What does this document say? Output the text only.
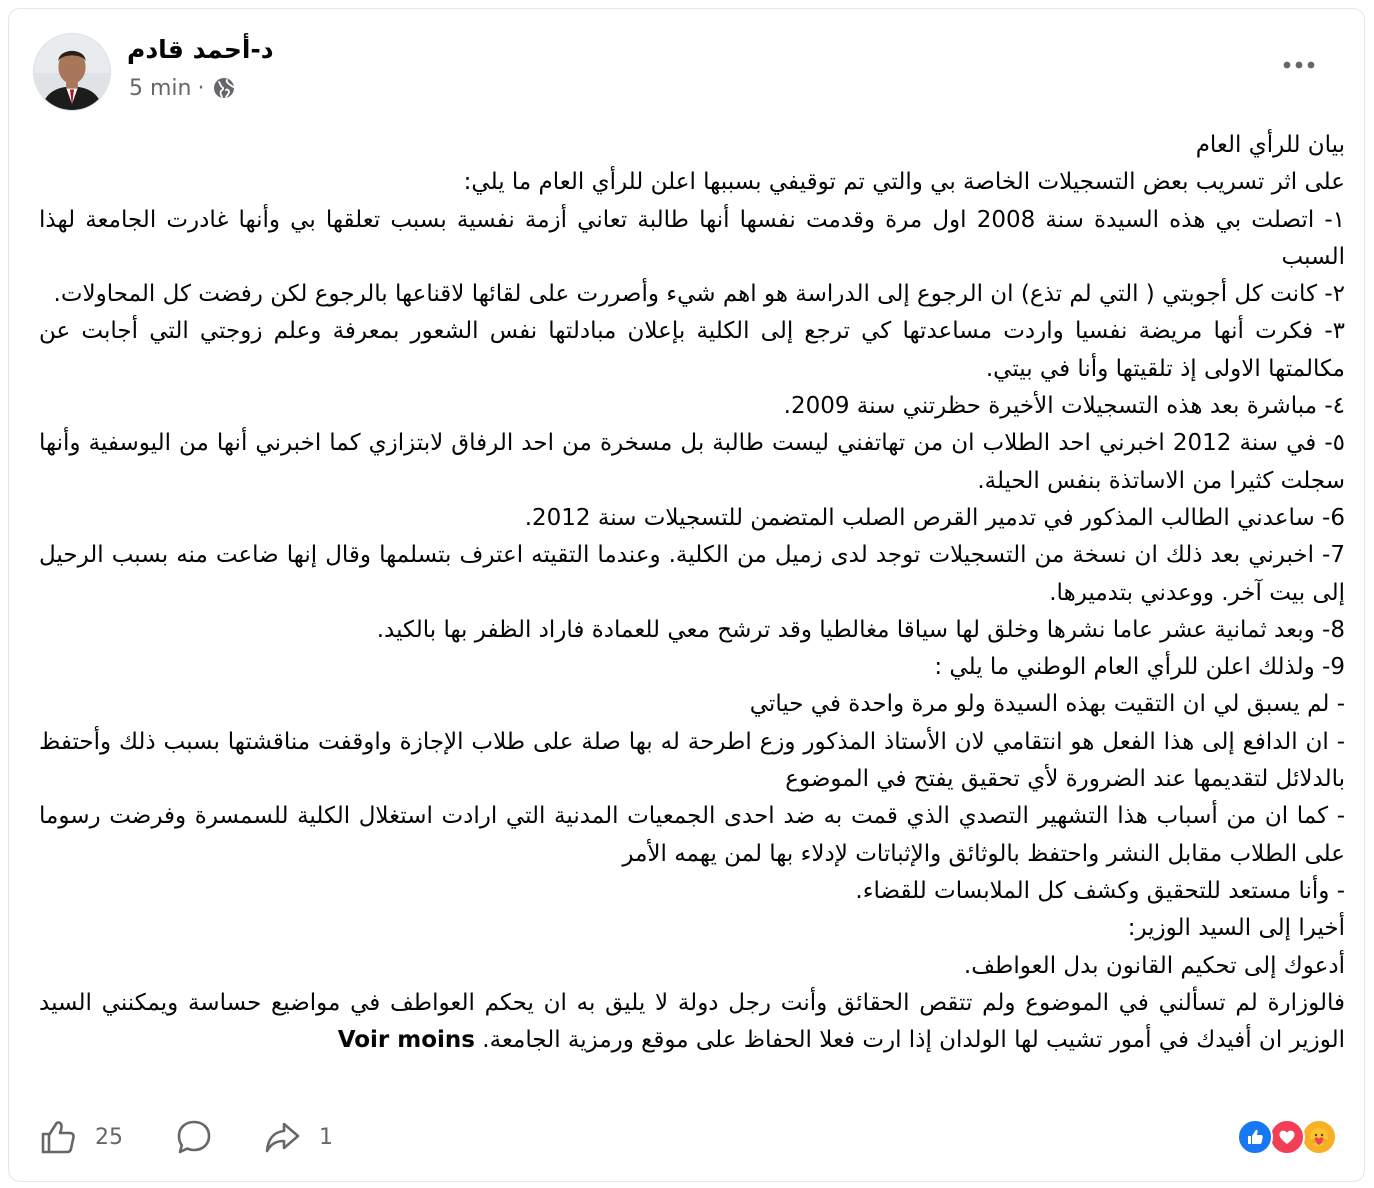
د-أحمد قادم
5 min ·
بيان للرأي العام
على اثر تسريب بعض التسجيلات الخاصة بي والتي تم توقيفي بسببها اعلن للرأي العام ما يلي:
١- اتصلت بي هذه السيدة سنة 2008 اول مرة وقدمت نفسها أنها طالبة تعاني أزمة نفسية بسبب تعلقها بي وأنها غادرت الجامعة لهذا السبب
٢- كانت كل أجوبتي ( التي لم تذع) ان الرجوع إلى الدراسة هو اهم شيء وأصررت على لقائها لاقناعها بالرجوع لكن رفضت كل المحاولات.
٣- فكرت أنها مريضة نفسيا واردت مساعدتها كي ترجع إلى الكلية بإعلان مبادلتها نفس الشعور بمعرفة وعلم زوجتي التي أجابت عن مكالمتها الاولى إذ تلقيتها وأنا في بيتي.
٤- مباشرة بعد هذه التسجيلات الأخيرة حظرتني سنة 2009.
٥- في سنة 2012 اخبرني احد الطلاب ان من تهاتفني ليست طالبة بل مسخرة من احد الرفاق لابتزازي كما اخبرني أنها من اليوسفية وأنها سجلت كثيرا من الاساتذة بنفس الحيلة.
6- ساعدني الطالب المذكور في تدمير القرص الصلب المتضمن للتسجيلات سنة 2012.
7- اخبرني بعد ذلك ان نسخة من التسجيلات توجد لدى زميل من الكلية. وعندما التقيته اعترف بتسلمها وقال إنها ضاعت منه بسبب الرحيل إلى بيت آخر. ووعدني بتدميرها.
8- وبعد ثمانية عشر عاما نشرها وخلق لها سياقا مغالطيا وقد ترشح معي للعمادة فاراد الظفر بها بالكيد.
9- ولذلك اعلن للرأي العام الوطني ما يلي :
- لم يسبق لي ان التقيت بهذه السيدة ولو مرة واحدة في حياتي
- ان الدافع إلى هذا الفعل هو انتقامي لان الأستاذ المذكور وزع اطرحة له بها صلة على طلاب الإجازة واوقفت مناقشتها بسبب ذلك وأحتفظ بالدلائل لتقديمها عند الضرورة لأي تحقيق يفتح في الموضوع
- كما ان من أسباب هذا التشهير التصدي الذي قمت به ضد احدى الجمعيات المدنية التي ارادت استغلال الكلية للسمسرة وفرضت رسوما على الطلاب مقابل النشر واحتفظ بالوثائق والإثباتات لإدلاء بها لمن يهمه الأمر
- وأنا مستعد للتحقيق وكشف كل الملابسات للقضاء.
أخيرا إلى السيد الوزير:
أدعوك إلى تحكيم القانون بدل العواطف.
فالوزارة لم تسألني في الموضوع ولم تتقص الحقائق وأنت رجل دولة لا يليق به ان يحكم العواطف في مواضيع حساسة ويمكنني السيد الوزير ان أفيدك في أمور تشيب لها الولدان إذا ارت فعلا الحفاظ على موقع ورمزية الجامعة. Voir moins
25	1
